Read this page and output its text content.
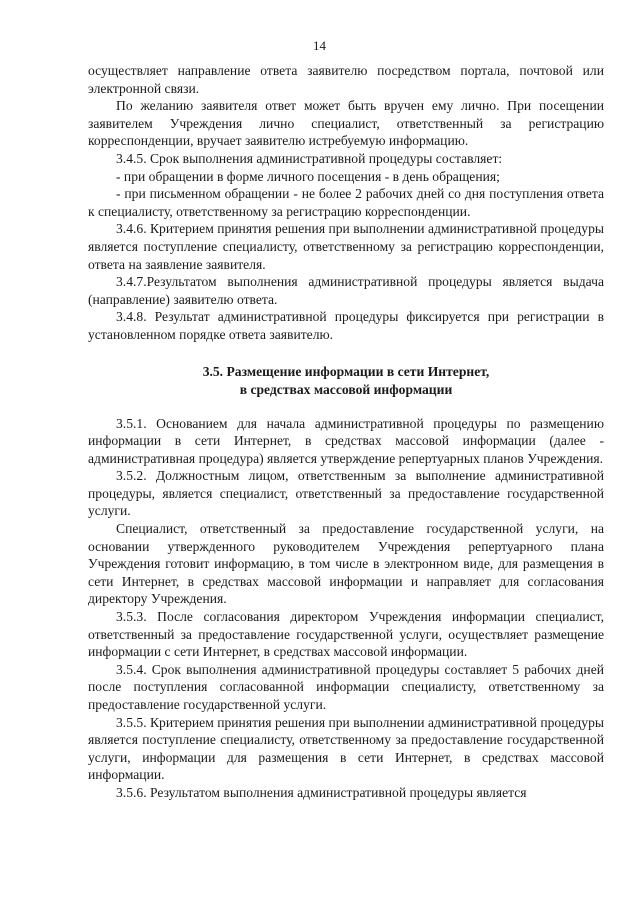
14

осуществляет направление ответа заявителю посредством портала, почтовой или электронной связи.

По желанию заявителя ответ может быть вручен ему лично. При посещении заявителем Учреждения лично специалист, ответственный за регистрацию корреспонденции, вручает заявителю истребуемую информацию.

3.4.5. Срок выполнения административной процедуры составляет:

- при обращении в форме личного посещения - в день обращения;

- при письменном обращении - не более 2 рабочих дней со дня поступления ответа к специалисту, ответственному за регистрацию корреспонденции.

3.4.6. Критерием принятия решения при выполнении административной процедуры является поступление специалисту, ответственному за регистрацию корреспонденции, ответа на заявление заявителя.

3.4.7.Результатом выполнения административной процедуры является выдача (направление) заявителю ответа.

3.4.8. Результат административной процедуры фиксируется при регистрации в установленном порядке ответа заявителю.

3.5. Размещение информации в сети Интернет,
в средствах массовой информации

3.5.1. Основанием для начала административной процедуры по размещению информации в сети Интернет, в средствах массовой информации (далее - административная процедура) является утверждение репертуарных планов Учреждения.

3.5.2. Должностным лицом, ответственным за выполнение административной процедуры, является специалист, ответственный за предоставление государственной услуги.

Специалист, ответственный за предоставление государственной услуги, на основании утвержденного руководителем Учреждения репертуарного плана Учреждения готовит информацию, в том числе в электронном виде, для размещения в сети Интернет, в средствах массовой информации и направляет для согласования директору Учреждения.

3.5.3. После согласования директором Учреждения информации специалист, ответственный за предоставление государственной услуги, осуществляет размещение информации с сети Интернет, в средствах массовой информации.

3.5.4. Срок выполнения административной процедуры составляет 5 рабочих дней после поступления согласованной информации специалисту, ответственному за предоставление государственной услуги.

3.5.5. Критерием принятия решения при выполнении административной процедуры является поступление специалисту, ответственному за предоставление государственной услуги, информации для размещения в сети Интернет, в средствах массовой информации.

3.5.6. Результатом выполнения административной процедуры является
